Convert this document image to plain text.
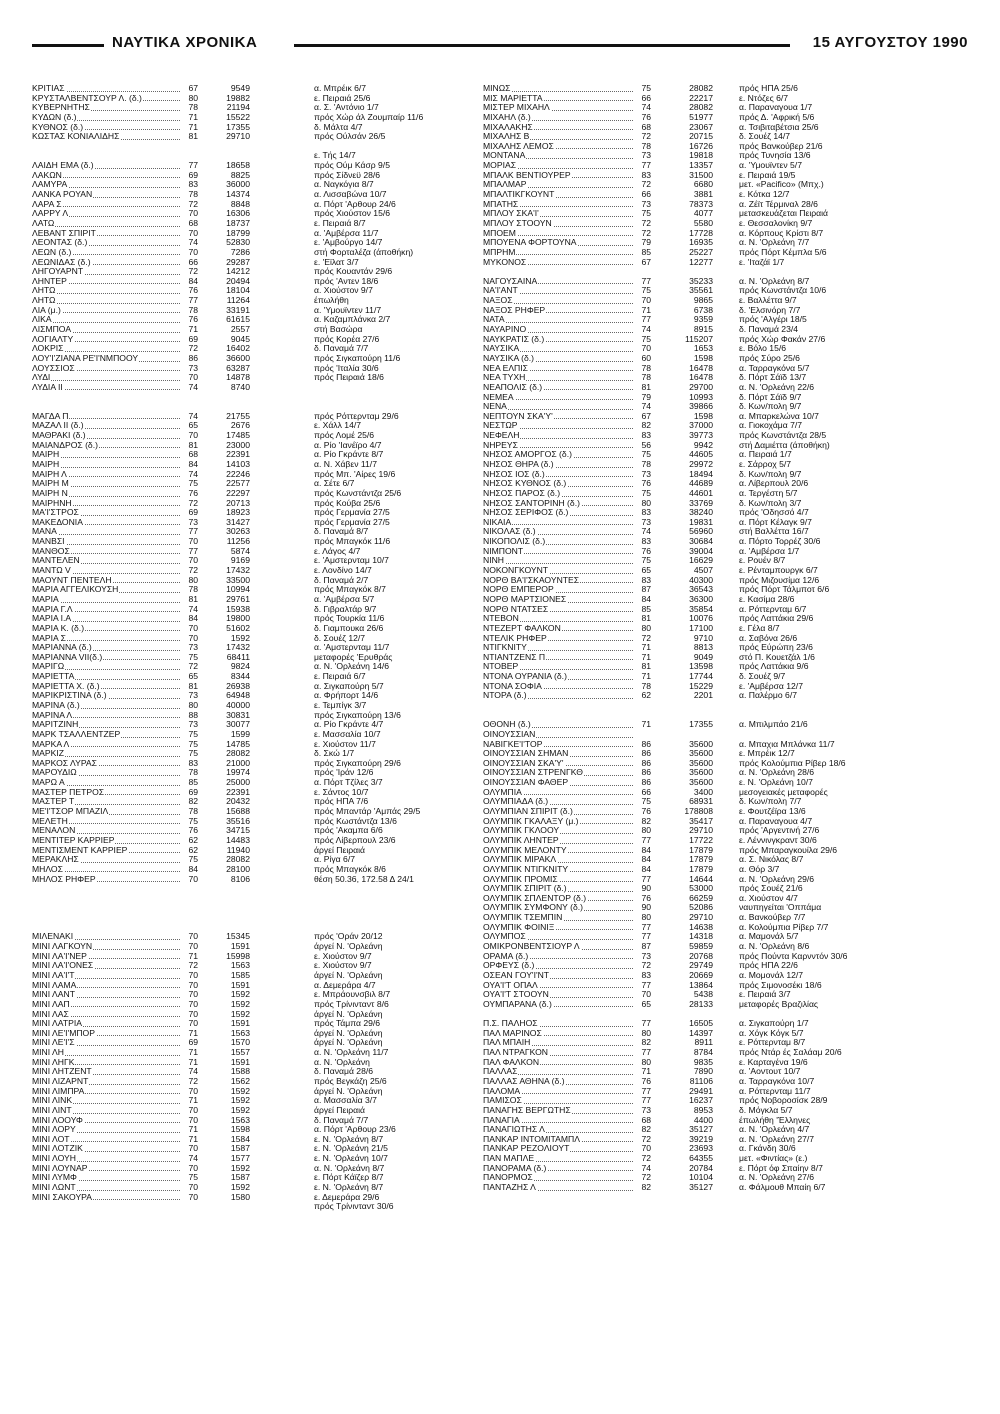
ΝΑΥΤΙΚΑ ΧΡΟΝΙΚΑ	15 ΑΥΓΟΥΣΤΟΥ 1990
ΚΡΙΤΙΑΣ	67	9549	α. Μπρέικ 6/7
ΚΡΥΣΤΑΛΒΕΝΤΣΟΥΡ Λ. (δ.)	80	19882	ε. Πειραιά 25/6
ΚΥΒΕΡΝΗΤΗΣ	78	21194	α. Σ. 'Αντόνιο 1/7
ΚΥΔΩΝ (δ.)	71	15522	πρός Χώρ άλ Ζουμπαίρ 11/6
ΚΥΘΝΟΣ (δ.)	71	17355	δ. Μάλτα 4/7
ΚΩΣΤΑΣ ΚΟΝΙΑΛΙΔΗΣ	81	29710	πρός Ούλσάν 26/5
ε. Τής 14/7
ΛΑΙΔΗ ΕΜΑ (δ.)	77	18658	πρός Ούμ Κάσρ 9/5
ΛΑΚΩΝ	69	8825	πρός Σίδνεϋ 28/6
ΛΑΜΥΡΑ	83	36000	α. Ναγκόγια 8/7
ΛΑΝΚΑ ΡΟΥΑΝ	78	14374	α. Λισσαβώνα 10/7
ΛΑΡΑ Σ	72	8848	α. Πόρτ 'Αρθουρ 24/6
ΛΑΡΡΥ Λ	70	16306	πρός Χιούστον 15/6
ΛΑΤΩ	68	18737	ε. Πειραιά 8/7
ΛΕΒΑΝΤ ΣΠΙΡΙΤ	70	18799	α. 'Αμβέρσα 11/7
ΛΕΟΝΤΑΣ (δ.)	74	52830	ε. 'Αμβούργο 14/7
ΛΕΩΝ (δ.)	70	7286	στή Φορταλέζα (άποθήκη)
ΛΕΩΝΙΔΑΣ (δ.)	66	29287	ε. 'Εϊλατ 3/7
ΛΗΓΟΥΑΡΝΤ	72	14212	πρός Κουαντάν 29/6
ΛΗΝΤΕΡ	84	20494	πρός 'Αντεν 18/6
ΛΗΤΩ	76	18104	α. Χιούστον 9/7
ΛΗΤΩ	77	11264	έπωλήθη
ΛΙΑ (μ.)	78	33191	α. 'Υμουϊντεν 11/7
ΛΙΚΑ	76	61615	α. Καζαμπλάνκα 2/7
ΛΙΣΜΠΟΑ	71	2557	στή Βασώρα
ΛΟΓΙΑΛΤΥ	69	9045	πρός Κορέα 27/6
ΛΟΚΡΙΣ	72	16402	δ. Παναμά 7/7
ΛΟΥ'Ι'ΖΙΑΝΑ ΡΕ'Ι'ΝΜΠΟΟΥ	86	36600	πρός Σιγκαπούρη 11/6
ΛΟΥΣΣΙΟΣ	73	63287	πρός 'Ιταλία 30/6
ΛΥΔΙ	70	14878	πρός Πειραιά 18/6
ΛΥΔΙΑ ΙΙ	74	8740
ΜΑΓΔΑ Π	74	21755	πρός Ρόττερνταμ 29/6
ΜΑΖΑΛ ΙΙ (δ.)	65	2676	ε. Χάλλ 14/7
ΜΑΘΡΑΚΙ (δ.)	70	17485	πρός Λομέ 25/6
ΜΑΙΑΝΔΡΟΣ (δ.)	81	23000	α. Ρίο 'Ιανέϊρο 4/7
ΜΑΙΡΗ	68	22391	α. Ρίο Γκράντε 8/7
ΜΑΙΡΗ	84	14103	α. Ν. Χάβεν 11/7
ΜΑΙΡΗ Λ	74	22246	πρός Μπ. 'Αίρες 19/6
ΜΑΙΡΗ Μ	75	22577	α. Σέτε 6/7
ΜΑΙΡΗ Ν	76	22297	πρός Κωνστάντζα 25/6
ΜΑΙΡΗΝΗ	72	20713	πρός Κούβα 25/6
ΜΑ'Ι'ΣΤΡΟΣ	69	18923	πρός Γερμανία 27/5
ΜΑΚΕΔΟΝΙΑ	73	31427	πρός Γερμανία 27/5
ΜΑΝΑ	77	30263	δ. Παναμά 8/7
ΜΑΝΒΣΙ	70	11256	πρός Μπαγκόκ 11/6
ΜΑΝΘΟΣ	77	5874	ε. Λάγος 4/7
ΜΑΝΤΕΛΕΝ	70	9169	ε. 'Αμστερνταμ 10/7
ΜΑΝΤΩ V	72	17432	ε. Λονδίνο 14/7
ΜΑΟΥΝΤ ΠΕΝΤΕΛΗ	80	33500	δ. Παναμά 2/7
ΜΑΡΙΑ ΑΓΓΕΛΙΚΟΥΣΗ	78	10994	πρός Μπαγκόκ 8/7
ΜΑΡΙΑ	81	29761	α. 'Αμβέρσα 5/7
ΜΑΡΙΑ Γ.Λ	74	15938	δ. Γιβραλτάρ 9/7
ΜΑΡΙΑ Ι.Α	84	19800	πρός Τουρκία 11/6
ΜΑΡΙΑ Κ. (δ.)	70	51602	δ. Γιαμπουκα 26/6
ΜΑΡΙΑ Σ	70	1592	δ. Σουέζ 12/7
ΜΑΡΙΑΝΝΑ (δ.)	73	17432	α. 'Αμστερνταμ 11/7
ΜΑΡΙΑΝΝΑ VII(δ.)	75	68411	μεταφορές 'Ερυθράς
ΜΑΡΙΓΩ	72	9824	α. Ν. 'Ορλεάνη 14/6
ΜΑΡΙΕΤΤΑ	65	8344	ε. Πειραιά 6/7
ΜΑΡΙΕΤΤΑ Χ. (δ.)	81	26938	α. Σιγκαπούρη 5/7
ΜΑΡΙΚΡΙΣΤΙΝΑ (δ.)	73	64948	α. Φρήπορτ 14/6
ΜΑΡΙΝΑ (δ.)	80	40000	ε. Τεμπίγκ 3/7
ΜΑΡΙΝΑ Λ	88	30831	πρός Σιγκαπούρη 13/6
ΜΑΡΙΤΖΙΝΗ	73	30077	α. Ρίο Γκράντε 4/7
ΜΑΡΚ ΤΣΑΛΛΕΝΤΖΕΡ	75	1599	ε. Μασσαλία 10/7
ΜΑΡΚΑ Λ	75	14785	ε. Χιούστον 11/7
ΜΑΡΚΙΖ	75	28082	δ. Σκώ 1/7
ΜΑΡΚΟΣ ΛΥΡΑΣ	83	21000	πρός Σιγκαπούρη 29/6
ΜΑΡΟΥΔΙΩ	78	19974	πρός 'Ιράν 12/6
ΜΑΡΩ Α	85	25000	α. Πόρτ Τζίλες 3/7
ΜΑΣΤΕΡ ΠΕΤΡΟΣ	69	22391	ε. Σάντος 10/7
ΜΑΣΤΕΡ Τ	82	20432	πρός ΗΠΑ 7/6
ΜΕ'Ι'ΤΣΟΡ ΜΠΑΖΙΛ	78	15688	πρός Μπαντάρ 'Αμπάς 29/5
ΜΕΛΕΤΗ	75	35516	πρός Κωστάντζα 13/6
ΜΕΝΑΛΟΝ	76	34715	πρός 'Ακαμπα 6/6
ΜΕΝΤΙΤΕΡ ΚΑΡΡΙΕΡ	62	14483	πρός Λίβερπουλ 23/6
ΜΕΝΤΙΣΜΕΝΤ ΚΑΡΡΙΕΡ	62	11940	άργεί Πειραιά
ΜΕΡΑΚΛΗΣ	75	28082	α. Ρίγα 6/7
ΜΗΛΟΣ	84	28100	πρός Μπαγκόκ 8/6
ΜΗΛΟΣ ΡΗΦΕΡ	70	8106	θέση 50.36, 172.58 Δ 24/1
ΜΙΛΕΝΑΚΙ	70	15345	πρός 'Οράν 20/12
ΜΙΝΙ ΛΑΓΚΟΥΝ	70	1591	άργεί Ν. 'Ορλεάνη
ΜΙΝΙ ΛΑ'Ι'ΝΕΡ	71	15998	ε. Χιούστον 9/7
ΜΙΝΙ ΛΑ'Ι'ΟΝΕΣ	72	1563	ε. Χιούστον 9/7
ΜΙΝΙ ΛΑ'Ι'Τ	70	1585	άργεί Ν. 'Ορλεάνη
ΜΙΝΙ ΛΑΜΑ	70	1591	α. Δεμεράρα 4/7
ΜΙΝΙ ΛΑΝΤ	70	1592	ε. Μπράουνσβιλ 8/7
ΜΙΝΙ ΛΑΠ	70	1592	πρός Τρίνινταντ 8/6
ΜΙΝΙ ΛΑΣ	70	1592	άργεί Ν. 'Ορλεάνη
ΜΙΝΙ ΛΑΤΡΙΑ	70	1591	πρός Τάμπα 29/6
ΜΙΝΙ ΛΕ'Ι'ΜΠΟΡ	71	1563	άργεί Ν. 'Ορλεάνη
ΜΙΝΙ ΛΕ'Ι'Σ	69	1570	άργεί Ν. 'Ορλεάνη
ΜΙΝΙ ΛΗ	71	1557	α. Ν. 'Ορλεάνη 11/7
ΜΙΝΙ ΛΗΓΚ	71	1591	α. Ν. 'Ορλεάνη
ΜΙΝΙ ΛΗΤΖΕΝΤ	74	1588	δ. Παναμά 28/6
ΜΙΝΙ ΛΙΖΑΡΝΤ	72	1562	πρός Βεγκάζη 25/6
ΜΙΝΙ ΛΙΜΠΡΑ	70	1592	άργεί Ν. 'Ορλεάνη
ΜΙΝΙ ΛΙΝΚ	71	1592	α. Μασσαλία 3/7
ΜΙΝΙ ΛΙΝΤ	70	1592	άργεί Πειραιά
ΜΙΝΙ ΛΟΟΥΦ	70	1563	δ. Παναμά 7/7
ΜΙΝΙ ΛΟΡΥ	71	1598	α. Πόρτ 'Αρθουρ 23/6
ΜΙΝΙ ΛΟΤ	71	1584	ε. Ν. 'Ορλεάνη 8/7
ΜΙΝΙ ΛΟΤΖΙΚ	70	1587	ε. Ν. 'Ορλεάνη 21/5
ΜΙΝΙ ΛΟΥΗ	74	1577	ε. Ν. 'Ορλεάνη 10/7
ΜΙΝΙ ΛΟΥΝΑΡ	70	1592	α. Ν. 'Ορλεάνη 8/7
ΜΙΝΙ ΛΥΜΦ	75	1587	ε. Πόρτ Κάϊζερ 8/7
ΜΙΝΙ ΛΩΝΤ	70	1592	ε. Ν. 'Ορλεάνη 8/7
ΜΙΝΙ ΣΑΚΟΥΡΑ	70	1580	ε. Δεμεράρα 29/6
πρός Τρίνινταντ 30/6
ΜΙΝΩΣ	75	28082	πρός ΗΠΑ 25/6
ΜΙΣ ΜΑΡΙΕΤΤΑ	66	22217	ε. Ντόζες 6/7
ΜΙΣΤΕΡ ΜΙΧΑΗΛ	74	28082	α. Παραναγουα 1/7
ΜΙΧΑΗΛ (δ.)	76	51977	πρός Δ. 'Αφρική 5/6
ΜΙΧΑΛΑΚΗΣ	68	23067	α. Τσιβιταβέτσια 25/6
ΜΙΧΑΛΗΣ Β	72	20715	δ. Σουέζ 14/7
ΜΙΧΑΛΗΣ ΛΕΜΟΣ	78	16726	πρός Βανκούβερ 21/6
ΜΟΝΤΑΝΑ	73	19818	πρός Τυνησία 13/6
ΜΟΡΙΑΣ	77	13357	α. 'Υμουϊντεν 5/7
ΜΠΑΛΚ ΒΕΝΤΙΟΥΡΕΡ	83	31500	ε. Πειραιά 19/5
ΜΠΑΛΜΑΡ	72	6680	μετ. «Pacifico» (Μπχ.)
ΜΠΑΛΤΙΚΓΚΟΥΝΤ	66	3881	ε. Κότκα 12/7
ΜΠΑΤΗΣ	73	78373	α. Ζέϊτ Τέρμιναλ 28/6
ΜΠΛΟΥ ΣΚΑ'Ι'	75	4077	μετασκευάζεται Πειραιά
ΜΠΛΟΥ ΣΤΟΟΥΝ	72	5580	ε. Θεσσαλονίκη 9/7
ΜΠΟΕΜ	72	17728	α. Κόρπους Κρίστι 8/7
ΜΠΟΥΕΝΑ ΦΟΡΤΟΥΝΑ	79	16935	α. Ν. 'Ορλεάνη 7/7
ΜΠΡΗΜ	85	25227	πρός Πόρτ Κέμπλα 5/6
ΜΥΚΟΝΟΣ	67	12277	ε. 'Ιταζάϊ 1/7
ΝΑΓΟΥΣΑΙΝΑ	77	35233	α. Ν. 'Ορλεάνη 8/7
ΝΑ'Ι'ΑΝΤ	75	35561	πρός Κωνστάντζα 10/6
ΝΑΞΟΣ	70	9865	ε. Βαλλέττα 9/7
ΝΑΞΟΣ ΡΗΦΕΡ	71	6738	δ. 'Ελσινόρη 7/7
ΝΑΤΑ	77	9359	πρός 'Αλγέρι 18/5
ΝΑΥΑΡΙΝΟ	74	8915	δ. Παναμά 23/4
ΝΑΥΚΡΑΤΙΣ (δ.)	75	115207	πρός Χώρ Φακάν 27/6
ΝΑΥΣΙΚΑ	70	1653	ε. Βόλο 15/6
ΝΑΥΣΙΚΑ (δ.)	60	1598	πρός Σύρο 25/6
ΝΕΑ ΕΛΠΙΣ	78	16478	α. Ταρραγκόνα 5/7
ΝΕΑ ΤΥΧΗ	78	16478	δ. Πόρτ Σάϊδ 13/7
ΝΕΑΠΟΛΙΣ (δ.)	81	29700	α. Ν. 'Ορλεάνη 22/6
ΝΕΜΕΑ	79	10993	δ. Πόρτ Σάϊδ 9/7
ΝΕΝΑ	74	39866	δ. Κων/πολη 9/7
ΝΕΠΤΟΥΝ ΣΚΑ'Υ'	67	1598	α. Μπαρκελώνα 10/7
ΝΕΣΤΩΡ	82	37000	α. Γιοκοχάμα 7/7
ΝΕΦΕΛΗ	83	39773	πρός Κωνστάντζα 28/5
ΝΗΡΕΥΣ	56	9942	στή Δαμιέττα (άποθήκη)
ΝΗΣΟΣ ΑΜΟΡΓΟΣ (δ.)	75	44605	α. Πειραιά 1/7
ΝΗΣΟΣ ΘΗΡΑ (δ.)	78	29972	ε. Σάρροχ 5/7
ΝΗΣΟΣ ΙΟΣ (δ.)	73	18494	δ. Κων/πολη 9/7
ΝΗΣΟΣ ΚΥΘΝΟΣ (δ.)	76	44689	α. Λίβερπουλ 20/6
ΝΗΣΟΣ ΠΑΡΟΣ (δ.)	75	44601	α. Τεργέστη 5/7
ΝΗΣΟΣ ΣΑΝΤΟΡΙΝΗ (δ.)	80	33769	δ. Κων/πολη 3/7
ΝΗΣΟΣ ΣΕΡΙΦΟΣ (δ.)	83	38240	πρός 'Οδησσό 4/7
ΝΙΚΑΙΑ	73	19831	α. Πόρτ Κέλαγκ 9/7
ΝΙΚΟΛΑΣ (δ.)	74	56960	στή Βαλλέττα 16/7
ΝΙΚΟΠΟΛΙΣ (δ.)	83	30684	α. Πόρτο Τορρέζ 30/6
ΝΙΜΠΟΝΤ	76	39004	α. 'Αμβέρσα 1/7
ΝΙΝΗ	75	16629	ε. Ρουέν 8/7
ΝΟΚΟΝΓΚΟΥΝΤ	65	4507	ε. Ρένταμπουργκ 6/7
ΝΟΡΘ ΒΑ'Ι'ΣΚΑΟΥΝΤΕΣ	83	40300	πρός Μιζουσίμα 12/6
ΝΟΡΘ ΕΜΠΕΡΟΡ	87	36543	πρός Πόρτ Τάλμποτ 6/6
ΝΟΡΘ ΜΑΡΤΣΙΟΝΕΣ	84	36300	ε. Κασίμα 28/6
ΝΟΡΘ ΝΤΑΤΣΕΣ	85	35854	α. Ρόττερνταμ 6/7
ΝΤΕΒΟΝ	81	10076	πρός Λαττάκια 29/6
ΝΤΕΖΕΡΤ ΦΑΛΚΟΝ	80	17100	ε. Γέλα 8/7
ΝΤΕΛΙΚ ΡΗΦΕΡ	72	9710	α. Σαβόνα 26/6
ΝΤΙΓΚΝΙΤΥ	71	8813	πρός Εύρώπη 23/6
ΝΤΙΑΝΤΖΕΝΣ Π	71	9049	στό Π. Κουετζάλ 1/6
ΝΤΟΒΕΡ	81	13598	πρός Λαττάκια 9/6
ΝΤΟΝΑ ΟΥΡΑΝΙΑ (δ.)	71	17744	δ. Σουέζ 9/7
ΝΤΟΝΑ ΣΟΦΙΑ	78	15229	ε. 'Αμβέρσα 12/7
ΝΤΟΡΑ (δ.)	62	2201	α. Παλέρμο 6/7
ΟΘΟΝΗ (δ.)	71	17355	α. Μπιλμπάο 21/6
ΟΙΝΟΥΣΣΙΑΝ
ΝΑΒΙΓΚΕ'Ι'ΤΟΡ	86	35600	α. Μπαχια Μπλάνκα 11/7
ΟΙΝΟΥΣΣΙΑΝ ΣΗΜΑΝ	86	35600	ε. Μπρέικ 12/7
ΟΙΝΟΥΣΣΙΑΝ ΣΚΑ'Υ'	86	35600	πρός Κολούμπια Ρίβερ 18/6
ΟΙΝΟΥΣΣΙΑΝ ΣΤΡΕΝΓΚΘ	86	35600	α. Ν. 'Ορλεάνη 28/6
ΟΙΝΟΥΣΣΙΑΝ ΦΑΘΕΡ	86	35600	ε. Ν. 'Ορλεάνη 10/7
ΟΛΥΜΠΙΑ	66	3400	μεσογειακές μεταφορές
ΟΛΥΜΠΙΑΔΑ (δ.)	75	68931	δ. Κων/πολη 7/7
ΟΛΥΜΠΙΑΝ ΣΠΙΡΙΤ (δ.)	76	178808	ε. Φουτζέϊρα 13/6
ΟΛΥΜΠΙΚ ΓΚΑΛΑΞΥ (μ.)	82	35417	α. Παραναγουα 4/7
ΟΛΥΜΠΙΚ ΓΚΛΟΟΥ	80	29710	πρός 'Αργεντινή 27/6
ΟΛΥΜΠΙΚ ΛΗΝΤΕΡ	77	17722	ε. Λέννινγκραντ 30/6
ΟΛΥΜΠΙΚ ΜΕΛΟΝΤΥ	84	17879	πρός Μπαραγκουίλα 29/6
ΟΛΥΜΠΙΚ ΜΙΡΑΚΛ	84	17879	α. Σ. Νικόλας 8/7
ΟΛΥΜΠΙΚ ΝΤΙΓΚΝΙΤΥ	84	17879	α. Θόρ 3/7
ΟΛΥΜΠΙΚ ΠΡΟΜΙΣ	77	14644	α. Ν. 'Ορλεάνη 29/6
ΟΛΥΜΠΙΚ ΣΠΙΡΙΤ (δ.)	90	53000	πρός Σουέζ 21/6
ΟΛΥΜΠΙΚ ΣΠΛΕΝΤΟΡ (δ.)	76	66259	α. Χιούστον 4/7
ΟΛΥΜΠΙΚ ΣΥΜΦΟΝΥ (δ.)	90	52086	ναυπηγείται 'Οππάμα
ΟΛΥΜΠΙΚ ΤΣΕΜΠΙΝ	80	29710	α. Βανκούβερ 7/7
ΟΛΥΜΠΙΚ ΦΟΙΝΙΞ	77	14638	α. Κολούμπια Ρίβερ 7/7
ΟΛΥΜΠΟΣ	77	14318	α. Μαμονάλ 5/7
ΟΜΙΚΡΟΝΒΕΝΤΣΙΟΥΡ Λ	87	59859	α. Ν. 'Ορλεάνη 8/6
ΟΡΑΜΑ (δ.)	73	20768	πρός Πούντα Καρνντόν 30/6
ΟΡΦΕΥΣ (δ.)	72	29749	πρός ΗΠΑ 22/6
ΟΣΕΑΝ ΓΟΥ'Ι'ΝΤ	83	20669	α. Μομονάλ 12/7
ΟΥΑ'Ι'Τ ΟΠΑΛ	77	13864	πρός Σιμονοσέκι 18/6
ΟΥΑ'Ι'Τ ΣΤΟΟΥΝ	70	5438	ε. Πειραιά 3/7
ΟΥΜΠΑΡΑΝΑ (δ.)	65	28133	μεταφορές Βραζιλίας
Π.Σ. ΠΑΛΗΟΣ	77	16505	α. Σιγκαπούρη 1/7
ΠΑΛ ΜΑΡΙΝΟΣ	80	14397	α. Χόγκ Κόγκ 5/7
ΠΑΛ ΜΠΑΙΗ	82	8911	ε. Ρόττερνταμ 8/7
ΠΑΛ ΝΤΡΑΓΚΟΝ	77	8784	πρός Ντάρ ές Σαλάαμ 20/6
ΠΑΛ ΦΑΛΚΟΝ	80	9835	ε. Καρταγένα 19/6
ΠΑΛΛΑΣ	71	7890	α. 'Αοντουτ 10/7
ΠΑΛΛΑΣ ΑΘΗΝΑ (δ.)	76	81106	α. Ταρραγκόνα 10/7
ΠΑΛΟΜΑ	77	29491	α. Ρόττερνταμ 11/7
ΠΑΜΙΣΟΣ	77	16237	πρός Νοβοροσίσκ 28/9
ΠΑΝΑΓΗΣ ΒΕΡΓΩΤΗΣ	73	8953	δ. Μόγκλα 5/7
ΠΑΝΑΓΙΑ	68	4400	έπωλήθη 'Έλληνες
ΠΑΝΑΓΙΩΤΗΣ Λ	82	35127	α. Ν. 'Ορλεάνη 4/7
ΠΑΝΚΑΡ ΙΝΤΟΜΙΤΑΜΠΛ	72	39219	α. Ν. 'Ορλεάνη 27/7
ΠΑΝΚΑΡ ΡΕΖΟΛΙΟΥΤ	70	23693	α. Γκάνδη 30/6
ΠΑΝ ΜΑΠΛΕ	72	64355	μετ. «Φιντίας» (ε.)
ΠΑΝΟΡΑΜΑ (δ.)	74	20784	ε. Πόρτ όφ Σπαίην 8/7
ΠΑΝΟΡΜΟΣ	72	10104	α. Ν. 'Ορλεάνη 27/6
ΠΑΝΤΑΖΗΣ Λ	82	35127	α. Φάλμουθ Μπαίη 6/7
